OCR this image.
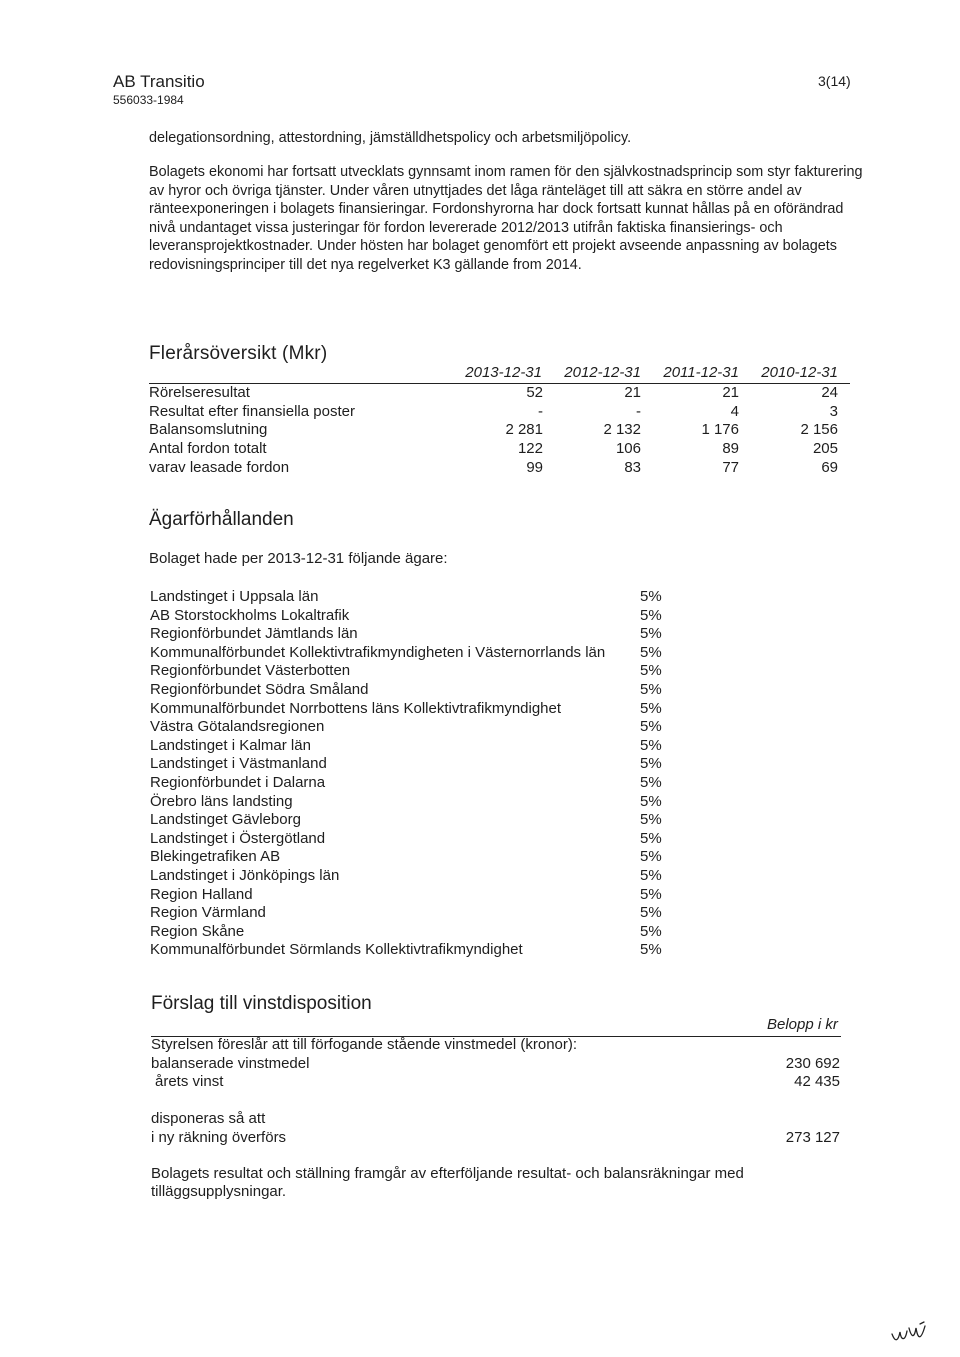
AB Transitio
556033-1984
3(14)
delegationsordning, attestordning, jämställdhetspolicy och arbetsmiljöpolicy.
Bolagets ekonomi har fortsatt utvecklats gynnsamt inom ramen för den självkostnadsprincip som styr fakturering av hyror och övriga tjänster. Under våren utnyttjades det låga ränteläget till att säkra en större andel av ränteexponeringen i bolagets finansieringar. Fordonshyrorna har dock fortsatt kunnat hållas på en oförändrad nivå undantaget vissa justeringar för fordon levererade 2012/2013 utifrån faktiska finansierings- och leveransprojektkostnader. Under hösten har bolaget genomfört ett projekt avseende anpassning av bolagets redovisningsprinciper till det nya regelverket K3 gällande from 2014.
Flerårsöversikt (Mkr)
2013-12-31	2012-12-31	2011-12-31	2010-12-31
Rörelseresultat	52	21	21	24
Resultat efter finansiella poster	-	-	4	3
Balansomslutning	2 281	2 132	1 176	2 156
Antal fordon totalt	122	106	89	205
varav leasade fordon	99	83	77	69
Ägarförhållanden
Bolaget hade per 2013-12-31 följande ägare:
Landstinget i Uppsala län	5%
AB Storstockholms Lokaltrafik	5%
Regionförbundet Jämtlands län	5%
Kommunalförbundet Kollektivtrafikmyndigheten i Västernorrlands län 5%
Regionförbundet Västerbotten	5%
Regionförbundet Södra Småland	5%
Kommunalförbundet Norrbottens läns Kollektivtrafikmyndighet	5%
Västra Götalandsregionen	5%
Landstinget i Kalmar län	5%
Landstinget i Västmanland	5%
Regionförbundet i Dalarna	5%
Örebro läns landsting	5%
Landstinget Gävleborg	5%
Landstinget i Östergötland	5%
Blekingetrafiken AB	5%
Landstinget i Jönköpings län	5%
Region Halland	5%
Region Värmland	5%
Region Skåne	5%
Kommunalförbundet Sörmlands Kollektivtrafikmyndighet	5%
Förslag till vinstdisposition
Belopp i kr
Styrelsen föreslår att till förfogande stående vinstmedel (kronor):
balanserade vinstmedel	230 692
årets vinst	42 435
disponeras så att
i ny räkning överförs	273 127
Bolagets resultat och ställning framgår av efterföljande resultat- och balansräkningar med tilläggsupplysningar.
